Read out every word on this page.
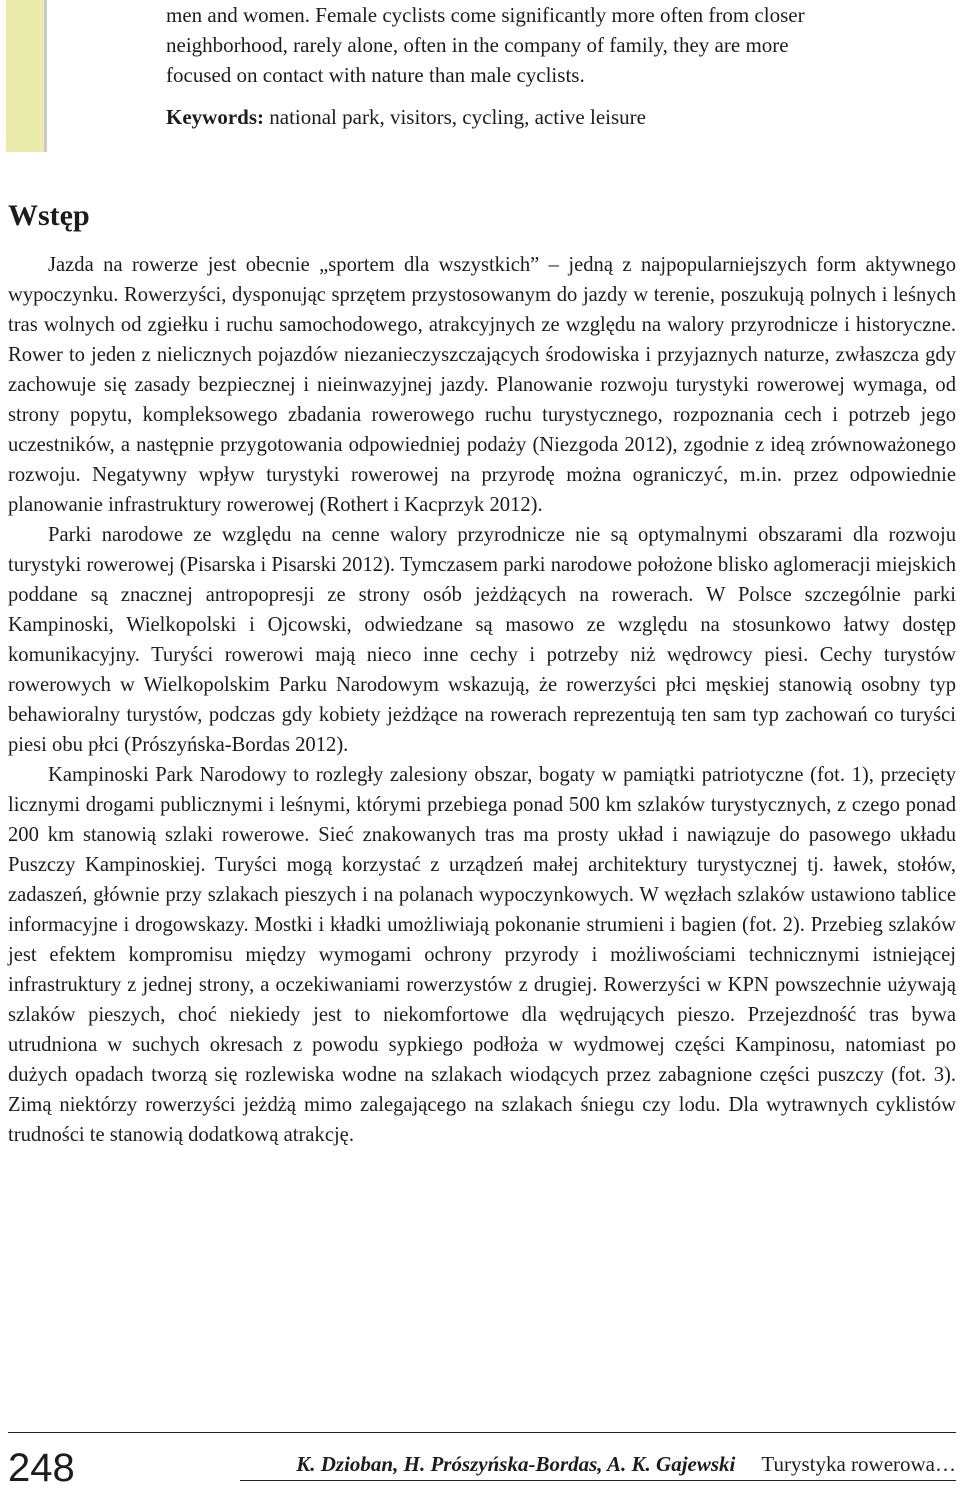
men and women. Female cyclists come significantly more often from closer

neighborhood, rarely alone, often in the company of family, they are more

focused on contact with nature than male cyclists.

Keywords: national park, visitors, cycling, active leisure
Wstęp

Jazda na rowerze jest obecnie „sportem dla wszystkich” – jedną z najpopularniejszych form aktywnego wypoczynku. Rowerzyści, dysponując sprzętem przystosowanym do jazdy w terenie, poszukują polnych i leśnych tras wolnych od zgiełku i ruchu samochodowego, atrakcyjnych ze względu na walory przyrodnicze i historyczne. Rower to jeden z nielicznych pojazdów niezanieczyszczających środowiska i przyjaznych naturze, zwłaszcza gdy zachowuje się zasady bezpiecznej i nieinwazyjnej jazdy. Planowanie rozwoju turystyki rowerowej wymaga, od strony popytu, kompleksowego zbadania rowerowego ruchu turystycznego, rozpoznania cech i potrzeb jego uczestników, a następnie przygotowania odpowiedniej podaży (Niezgoda 2012), zgodnie z ideą zrównoważonego rozwoju. Negatywny wpływ turystyki rowerowej na przyrodę można ograniczyć, m.in. przez odpowiednie planowanie infrastruktury rowerowej (Rothert i Kacprzyk 2012).

Parki narodowe ze względu na cenne walory przyrodnicze nie są optymalnymi obszarami dla rozwoju turystyki rowerowej (Pisarska i Pisarski 2012). Tymczasem parki narodowe położone blisko aglomeracji miejskich poddane są znacznej antropopresji ze strony osób jeżdżących na rowerach. W Polsce szczególnie parki Kampinoski, Wielkopolski i Ojcowski, odwiedzane są masowo ze względu na stosunkowo łatwy dostęp komunikacyjny. Turyści rowerowi mają nieco inne cechy i potrzeby niż wędrowcy piesi. Cechy turystów rowerowych w Wielkopolskim Parku Narodowym wskazują, że rowerzyści płci męskiej stanowią osobny typ behawioralny turystów, podczas gdy kobiety jeżdżące na rowerach reprezentują ten sam typ zachowań co turyści piesi obu płci (Prószyńska-Bordas 2012).

Kampinoski Park Narodowy to rozległy zalesiony obszar, bogaty w pamiątki patriotyczne (fot. 1), przecięty licznymi drogami publicznymi i leśnymi, którymi przebiega ponad 500 km szlaków turystycznych, z czego ponad 200 km stanowią szlaki rowerowe. Sieć znakowanych tras ma prosty układ i nawiązuje do pasowego układu Puszczy Kampinoskiej. Turyści mogą korzystać z urządzeń małej architektury turystycznej tj. ławek, stołów, zadaszeń, głównie przy szlakach pieszych i na polanach wypoczynkowych. W węzłach szlaków ustawiono tablice informacyjne i drogowskazy. Mostki i kładki umożliwiają pokonanie strumieni i bagien (fot. 2). Przebieg szlaków jest efektem kompromisu między wymogami ochrony przyrody i możliwościami technicznymi istniejącej infrastruktury z jednej strony, a oczekiwaniami rowerzystów z drugiej. Rowerzyści w KPN powszechnie używają szlaków pieszych, choć niekiedy jest to niekomfortowe dla wędrujących pieszo. Przejezdność tras bywa utrudniona w suchych okresach z powodu sypkiego podłoża w wydmowej części Kampinosu, natomiast po dużych opadach tworzą się rozlewiska wodne na szlakach wiodących przez zabagnione części puszczy (fot. 3). Zimą niektórzy rowerzyści jeżdżą mimo zalegającego na szlakach śniegu czy lodu. Dla wytrawnych cyklistów trudności te stanowią dodatkową atrakcję.

248	K. Dzioban, H. Prószyńska-Bordas, A. K. Gajewski Turystyka rowerowa…
